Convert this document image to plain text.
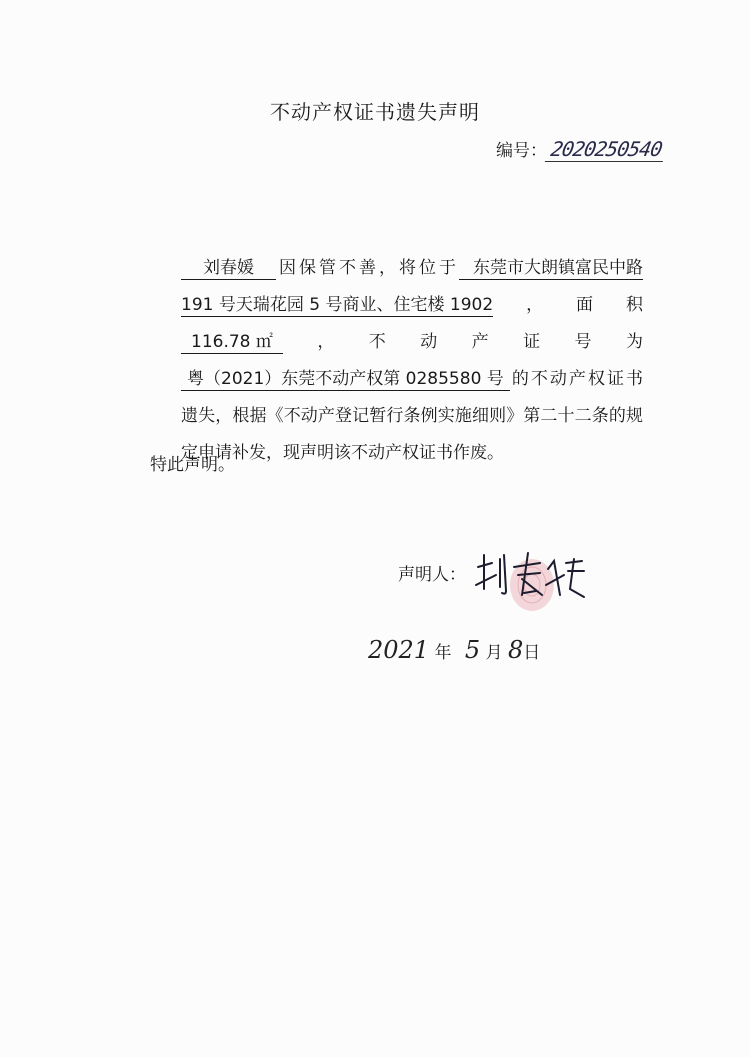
不动产权证书遗失声明
编号：2020250540

刘春媛 因保管不善，将位于 东莞市大朗镇富民中路191 号天瑞花园 5 号商业、住宅楼 1902，面积116.78 ㎡ ，不动产证号为粤（2021）东莞不动产权第 0285580 号 的不动产权证书遗失，根据《不动产登记暂行条例实施细则》第二十二条的规定申请补发，现声明该不动产权证书作废。

特此声明。
声明人：
2021 年 5 月 8日
